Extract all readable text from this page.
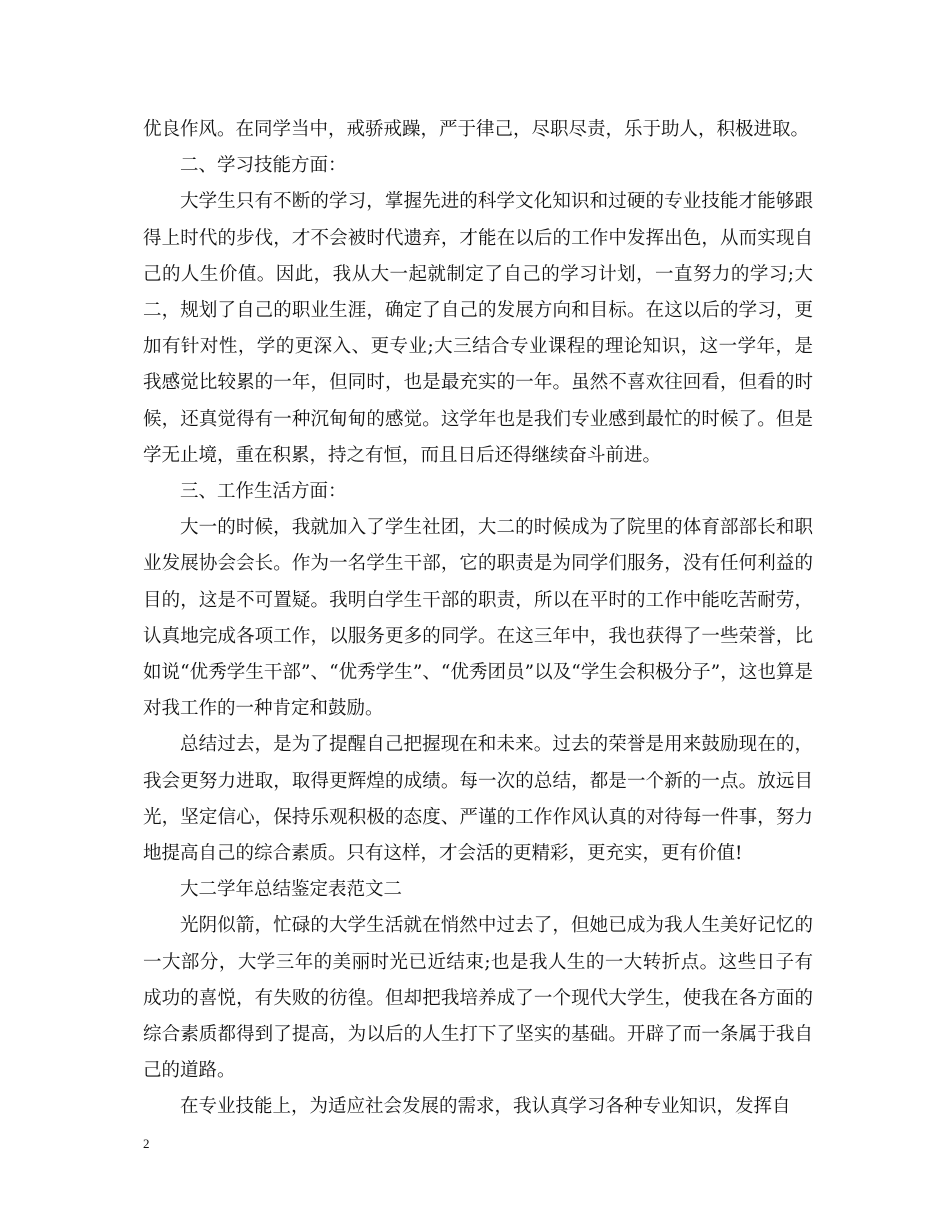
优良作风。在同学当中，戒骄戒躁，严于律己，尽职尽责，乐于助人，积极进取。

二、学习技能方面：

大学生只有不断的学习，掌握先进的科学文化知识和过硬的专业技能才能够跟得上时代的步伐，才不会被时代遗弃，才能在以后的工作中发挥出色，从而实现自己的人生价值。因此，我从大一起就制定了自己的学习计划，一直努力的学习;大二，规划了自己的职业生涯，确定了自己的发展方向和目标。在这以后的学习，更加有针对性，学的更深入、更专业;大三结合专业课程的理论知识，这一学年，是我感觉比较累的一年，但同时，也是最充实的一年。虽然不喜欢往回看，但看的时候，还真觉得有一种沉甸甸的感觉。这学年也是我们专业感到最忙的时候了。但是学无止境，重在积累，持之有恒，而且日后还得继续奋斗前进。

三、工作生活方面：

大一的时候，我就加入了学生社团，大二的时候成为了院里的体育部部长和职业发展协会会长。作为一名学生干部，它的职责是为同学们服务，没有任何利益的目的，这是不可置疑。我明白学生干部的职责，所以在平时的工作中能吃苦耐劳，认真地完成各项工作，以服务更多的同学。在这三年中，我也获得了一些荣誉，比如说“优秀学生干部”、“优秀学生”、“优秀团员”以及“学生会积极分子”，这也算是对我工作的一种肯定和鼓励。

总结过去，是为了提醒自己把握现在和未来。过去的荣誉是用来鼓励现在的，我会更努力进取，取得更辉煌的成绩。每一次的总结，都是一个新的一点。放远目光，坚定信心，保持乐观积极的态度、严谨的工作作风认真的对待每一件事，努力地提高自己的综合素质。只有这样，才会活的更精彩，更充实，更有价值!

大二学年总结鉴定表范文二

光阴似箭，忙碌的大学生活就在悄然中过去了，但她已成为我人生美好记忆的一大部分，大学三年的美丽时光已近结束;也是我人生的一大转折点。这些日子有成功的喜悦，有失败的彷徨。但却把我培养成了一个现代大学生，使我在各方面的综合素质都得到了提高，为以后的人生打下了坚实的基础。开辟了而一条属于我自己的道路。

在专业技能上，为适应社会发展的需求，我认真学习各种专业知识，发挥自

2
